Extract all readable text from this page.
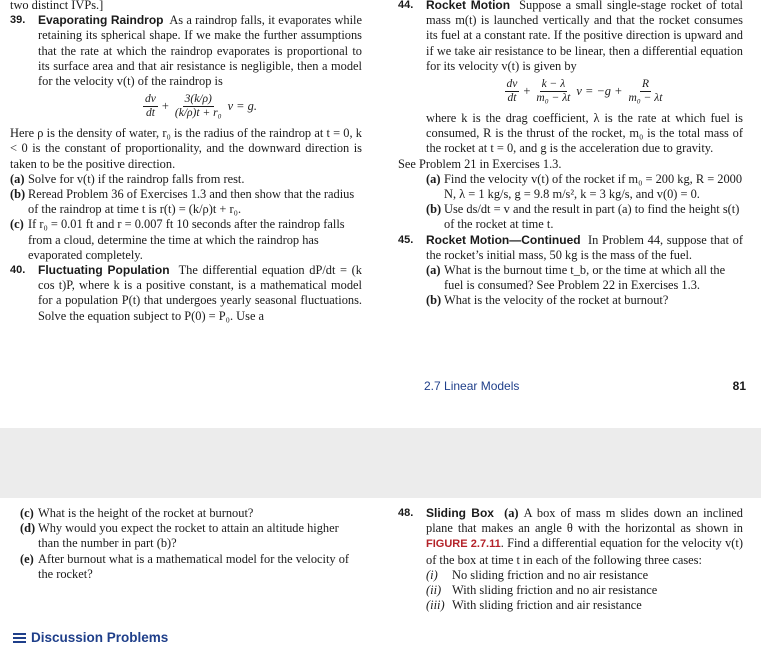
two distinct IVPs.]

39. Evaporating Raindrop As a raindrop falls, it evaporates while retaining its spherical shape. If we make the further assumptions that the rate at which the raindrop evaporates is proportional to its surface area and that air resistance is negligible, then a model for the velocity v(t) of the raindrop is

$\frac{dv}{dt} + \frac{3(k/\rho)}{\text{(k/ρ)t + r₀}}$ v = g.

Here ρ is the density of water, r₀ is the radius of the raindrop at t = 0, k < 0 is the constant of proportionality, and the downward direction is taken to be the positive direction.

(a) Solve for v(t) if the raindrop falls from rest.
(b) Reread Problem 36 of Exercises 1.3 and then show that the radius of the raindrop at time t is r(t) = (k/ρ)t + r₀.
(c) If r₀ = 0.01 ft and r = 0.007 ft 10 seconds after the raindrop falls from a cloud, determine the time at which the raindrop has evaporated completely.
40. Fluctuating Population The differential equation dP/dt = (k cos t)P, where k is a positive constant, is a mathematical model for a population P(t) that undergoes yearly seasonal fluctuations. Solve the equation subject to P(0) = P₀. Use a

44. Rocket Motion Suppose a small single-stage rocket of total mass m(t) is launched vertically and that the rocket consumes its fuel at a constant rate. If the positive direction is upward and if we take air resistance to be linear, then a differential equation for its velocity v(t) is given by

$\frac{dv}{dt} + \frac{k - \lambda}{\text{m₀ − λt}}$ $v = -g + \frac{R}{\text{m₀ − λt}}$

where k is the drag coefficient, λ is the rate at which fuel is consumed, R is the thrust of the rocket, m₀ is the total mass of the rocket at t = 0, and g is the acceleration due to gravity.

See Problem 21 in Exercises 1.3.

(a) Find the velocity v(t) of the rocket if m₀ = 200 kg, R = 2000 N, λ = 1 kg/s, g = 9.8 m/s², k = 3 kg/s, and v(0) = 0.
(b) Use ds/dt = v and the result in part (a) to find the height s(t) of the rocket at time t.
45. Rocket Motion—Continued In Problem 44, suppose that of the rocket’s initial mass, 50 kg is the mass of the fuel.

(a) What is the burnout time t_b, or the time at which all the fuel is consumed? See Problem 22 in Exercises 1.3.
(b) What is the velocity of the rocket at burnout?
2.7 Linear Models	81
(c) What is the height of the rocket at burnout?
(d) Why would you expect the rocket to attain an altitude higher than the number in part (b)?
(e) After burnout what is a mathematical model for the velocity of the rocket?
Discussion Problems
48. Sliding Box (a) A box of mass m slides down an inclined plane that makes an angle θ with the horizontal as shown in FIGURE 2.7.11. Find a differential equation for the velocity v(t) of the box at time t in each of the following three cases:

(i) No sliding friction and no air resistance
(ii) With sliding friction and no air resistance
(iii) With sliding friction and air resistance
